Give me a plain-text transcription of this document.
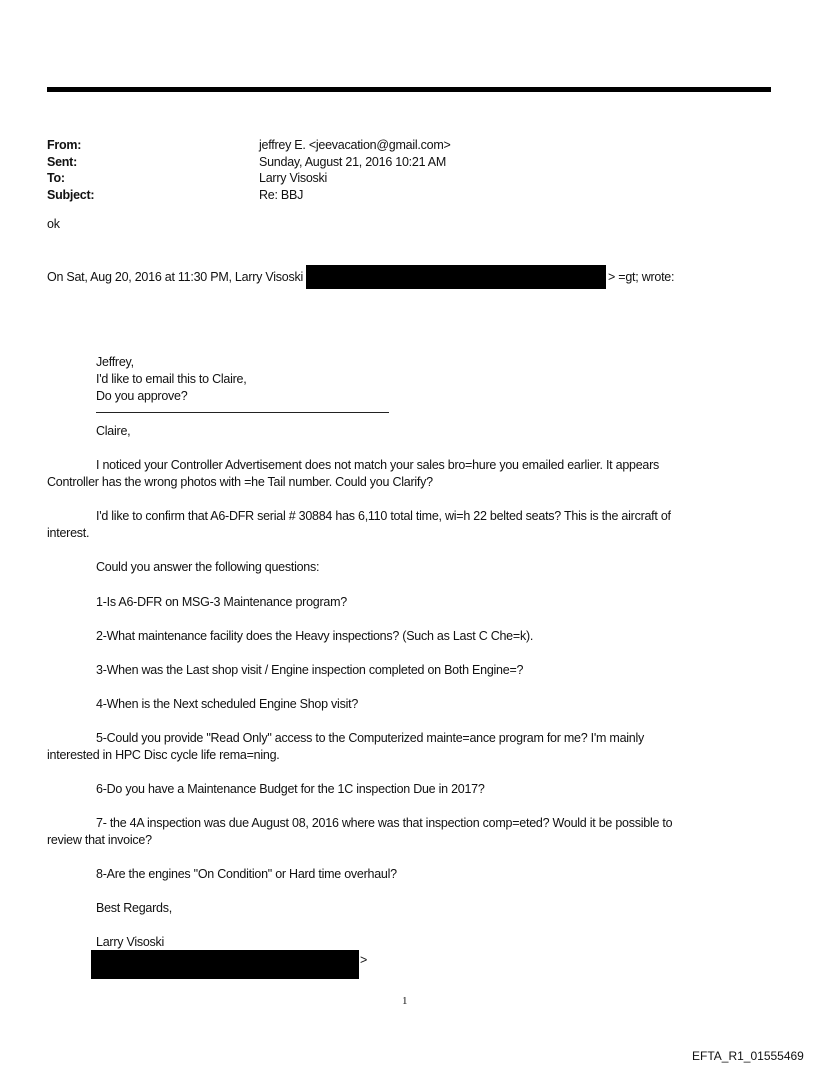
From:	jeffrey E. <jeevacation@gmail.com>
Sent:	Sunday, August 21, 2016 10:21 AM
To:	Larry Visoski
Subject:	Re: BBJ
ok
On Sat, Aug 20, 2016 at 11:30 PM, Larry Visoski	> =gt; wrote:
Jeffrey,
I'd like to email this to Claire,
Do you approve?
Claire,
I noticed your Controller Advertisement does not match your sales bro=hure you emailed earlier. It appears
Controller has the wrong photos with =he Tail number. Could you Clarify?
I'd like to confirm that A6-DFR serial # 30884 has 6,110 total time, wi=h 22 belted seats? This is the aircraft of
interest.
Could you answer the following questions:
1-Is A6-DFR on MSG-3 Maintenance program?
2-What maintenance facility does the Heavy inspections? (Such as Last C Che=k).
3-When was the Last shop visit / Engine inspection completed on Both Engine=?
4-When is the Next scheduled Engine Shop visit?
5-Could you provide "Read Only" access to the Computerized mainte=ance program for me? I'm mainly
interested in HPC Disc cycle life rema=ning.
6-Do you have a Maintenance Budget for the 1C inspection Due in 2017?
7- the 4A inspection was due August 08, 2016 where was that inspection comp=eted? Would it be possible to
review that invoice?
8-Are the engines "On Condition" or Hard time overhaul?
Best Regards,
Larry Visoski
>
1
EFTA_R1_01555469
